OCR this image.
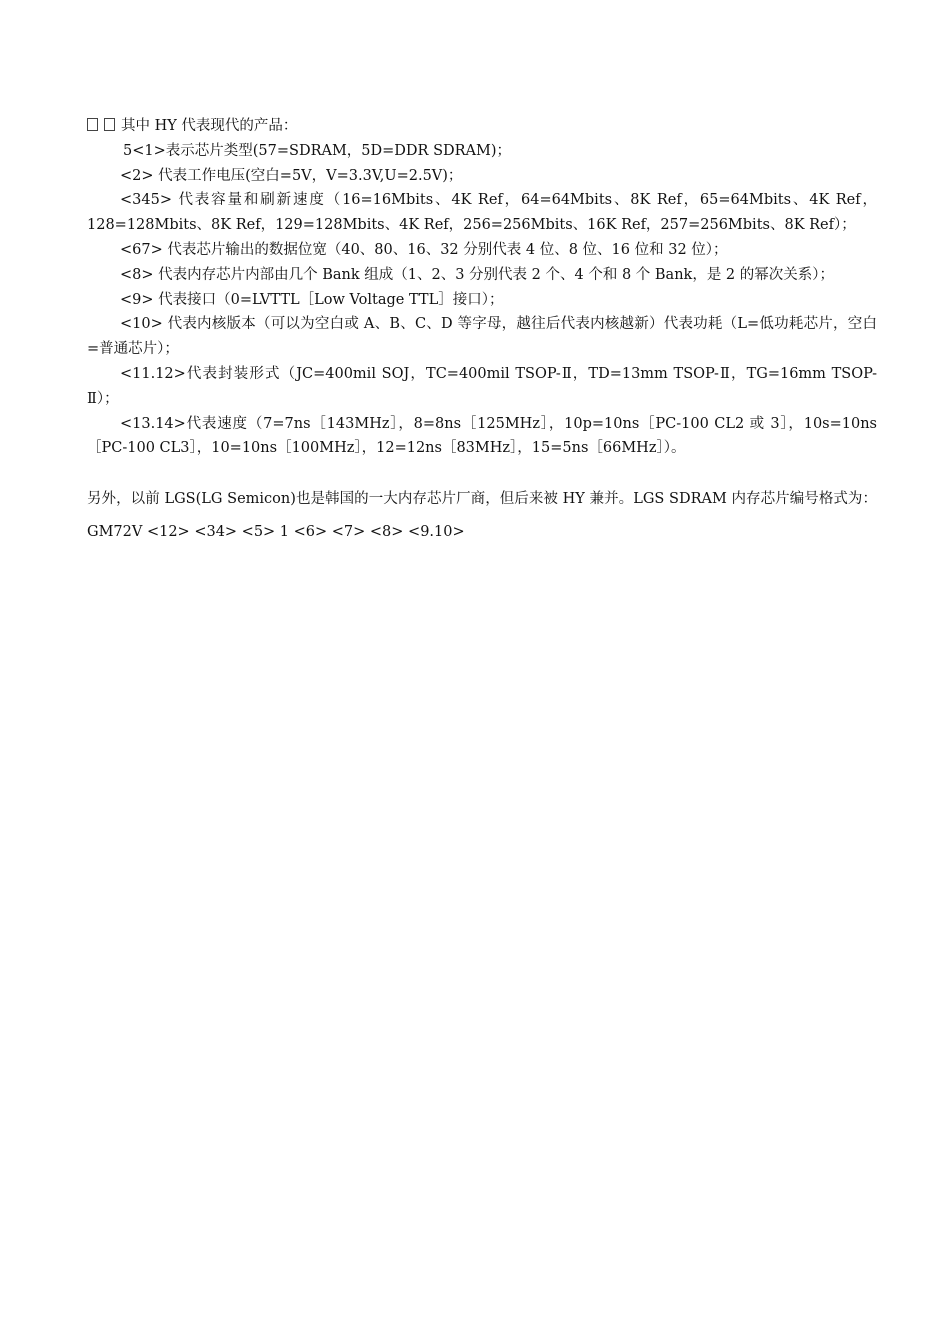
其中 HY 代表现代的产品：
5<1>表示芯片类型(57=SDRAM，5D=DDR SDRAM)；
<2> 代表工作电压(空白=5V，V=3.3V,U=2.5V)；
<345> 代表容量和刷新速度（16=16Mbits、4K Ref，64=64Mbits、8K Ref，65=64Mbits、4K Ref，128=128Mbits、8K Ref，129=128Mbits、4K Ref，256=256Mbits、16K Ref，257=256Mbits、8K Ref）；
<67> 代表芯片输出的数据位宽（40、80、16、32 分别代表 4 位、8 位、16 位和 32 位）；
<8> 代表内存芯片内部由几个 Bank 组成（1、2、3 分别代表 2 个、4 个和 8 个 Bank，是 2 的幂次关系）；
<9> 代表接口（0=LVTTL［Low Voltage TTL］接口）；
<10> 代表内核版本（可以为空白或 A、B、C、D 等字母，越往后代表内核越新）代表功耗（L=低功耗芯片，空白=普通芯片）；
<11.12>代表封装形式（JC=400mil SOJ，TC=400mil TSOP-Ⅱ，TD=13mm TSOP-Ⅱ，TG=16mm TSOP-Ⅱ）；
<13.14>代表速度（7=7ns［143MHz］，8=8ns［125MHz］，10p=10ns［PC-100 CL2 或 3］，10s=10ns［PC-100 CL3］，10=10ns［100MHz］，12=12ns［83MHz］，15=5ns［66MHz］）。
另外，以前 LGS(LG Semicon)也是韩国的一大内存芯片厂商，但后来被 HY 兼并。LGS SDRAM 内存芯片编号格式为：GM72V <12> <34> <5> 1 <6> <7> <8> <9.10>
